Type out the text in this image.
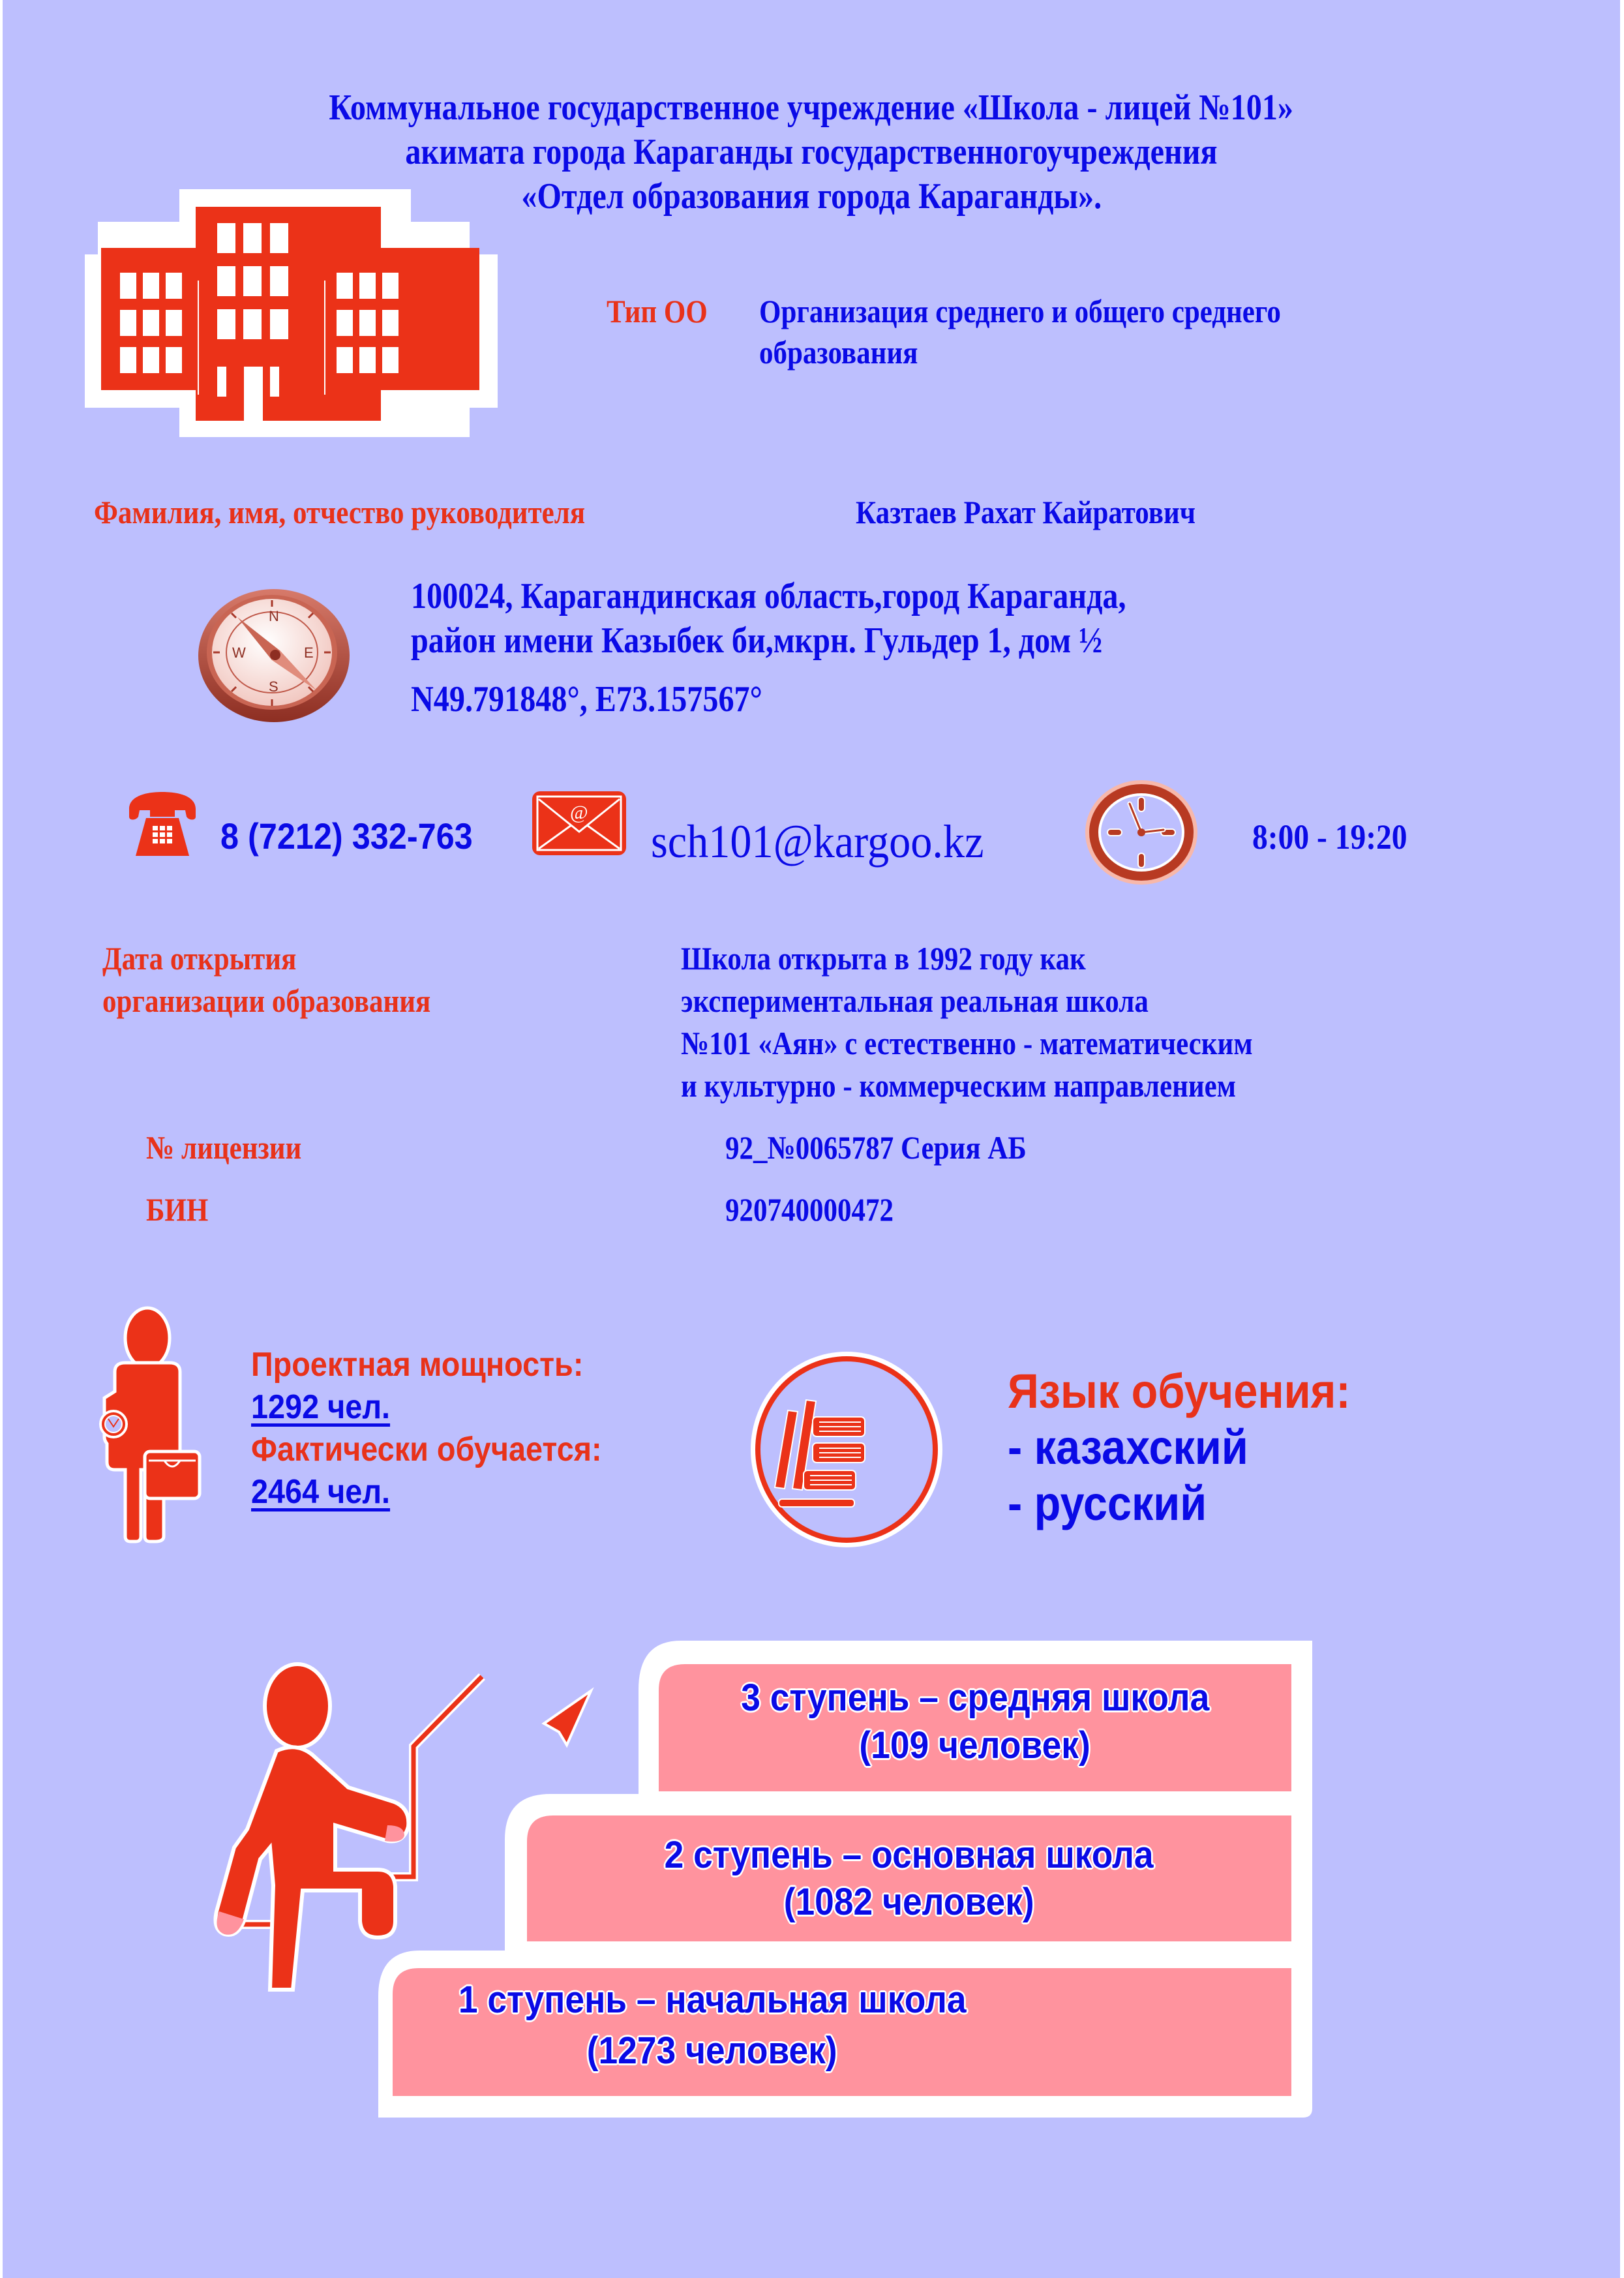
Коммунальное государственное учреждение «Школа - лицей №101»
акимата города Караганды государственногоучреждения
«Отдел образования города Караганды».
Тип ОО	Организация среднего и общего среднего
образования
Фамилия, имя, отчество руководителя	Казтаев Рахат Кайратович
N
W	E
S
100024, Карагандинская область,город Караганда,
район имени Казыбек би,мкрн. Гульдер 1, дом ½
N49.791848°, E73.157567°
8 (7212) 332-763
@
sch101@kargoo.kz	8:00 - 19:20
Дата открытия
организации образования
Школа открыта в 1992 году как
экспериментальная реальная школа
№101 «Аян» с естественно - математическим
и культурно - коммерческим направлением
№ лицензии	92_№0065787 Серия АБ
БИН	920740000472
Проектная мощность:
1292 чел.
Фактически обучается:
2464 чел.
Язык обучения:
- казахский
- русский
3 ступень – средняя школа
(109 человек)
2 ступень – основная школа
(1082 человек)
1 ступень – начальная школа
(1273 человек)
